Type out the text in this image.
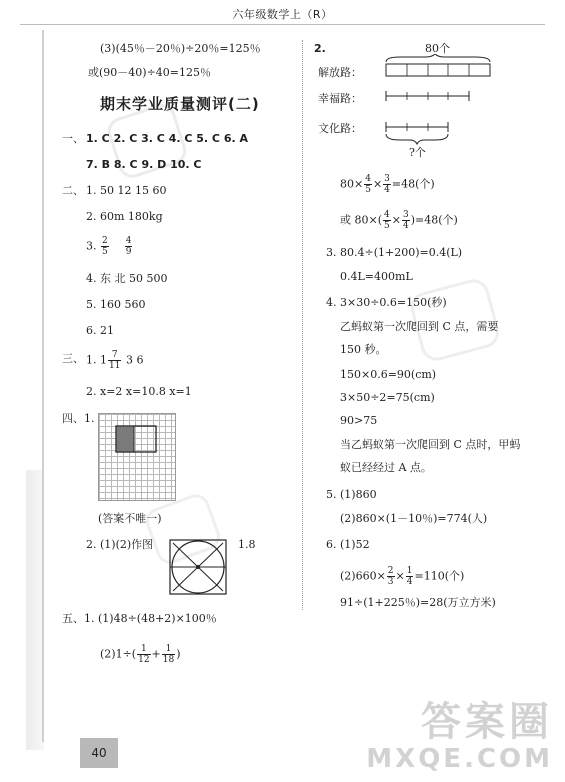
六年级数学上（R）
(3)(45％－20％)÷20％=125％
或(90－40)÷40=125％
期末学业质量测评(二)
一、 1. C 2. C 3. C 4. C 5. C 6. A
7. B 8. C 9. D 10. C
二、 1. 50 12 15 60
2. 60m 180kg
3. $\frac{2}{5}$
$\frac{4}{9}$
4. 东 北 50 500
5. 160 560
6. 21
三、 1. $1 \frac{7}{11} 3$ 6
2. x=2 x=10.8 x=1
四、 1.
(答案不唯一)
2. (1)(2)作图	1.8
五、 1. (1)48÷(48+2)×100％
$(2)1\div( \frac{1}{12} + \frac{1}{18}$ )
2.	80个
解放路：
幸福路：
文化路：
?个
$80\times \frac{4}{5} \times \frac{3}{4} =48$(个)
或 $80\times( \frac{4}{5} \times \frac{3}{4} )=48$(个)
3. 80.4÷(1+200)=0.4(L)
0.4L=400mL
4. 3×30÷0.6=150(秒)
乙蚂蚁第一次爬回到 C 点，需要
150 秒。
150×0.6=90(cm)
3×50÷2=75(cm)
90>75
当乙蚂蚁第一次爬回到 C 点时，甲蚂
蚁已经经过 A 点。
5. (1)860
(2)860×(1－10％)=774(人)
6. (1)52
$(2)660\times \frac{2}{3} \times \frac{1}{4} =110$(个)
91÷(1+225％)=28(万立方米)
40
答案圈
MXQE.COM
